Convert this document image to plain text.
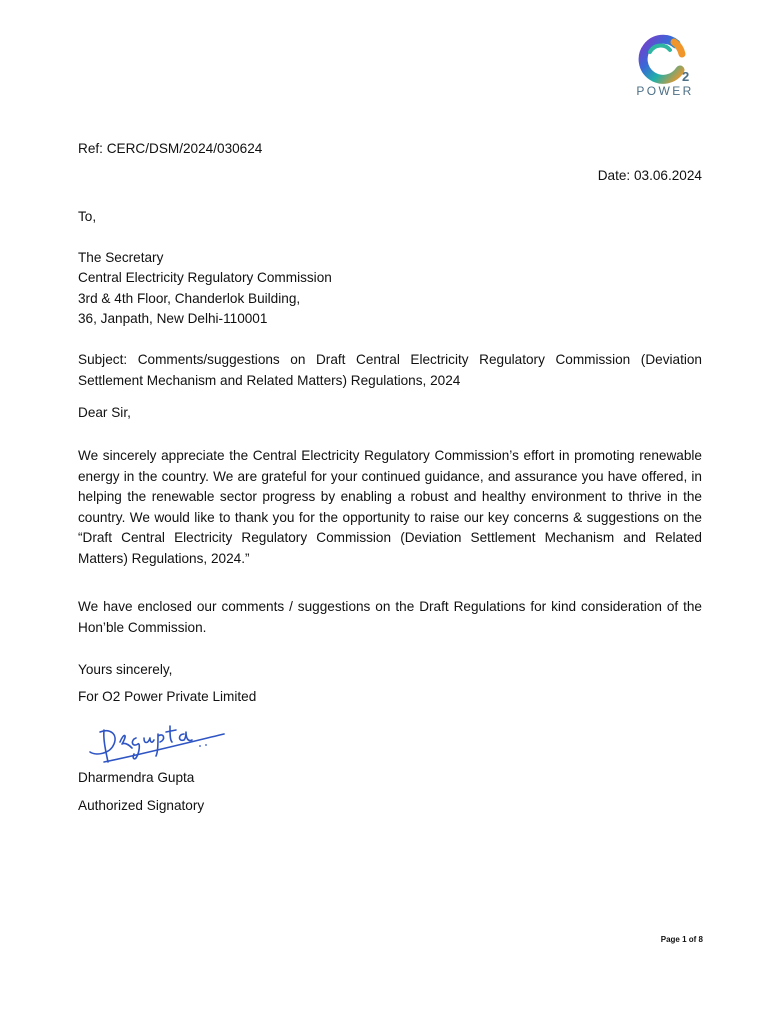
2
POWER
Ref: CERC/DSM/2024/030624
Date: 03.06.2024
To,
The Secretary
Central Electricity Regulatory Commission
3rd & 4th Floor, Chanderlok Building,
36, Janpath, New Delhi-110001
Subject: Comments/suggestions on Draft Central Electricity Regulatory Commission (Deviation Settlement Mechanism and Related Matters) Regulations, 2024
Dear Sir,
We sincerely appreciate the Central Electricity Regulatory Commission’s effort in promoting renewable energy in the country. We are grateful for your continued guidance, and assurance you have offered, in helping the renewable sector progress by enabling a robust and healthy environment to thrive in the country. We would like to thank you for the opportunity to raise our key concerns & suggestions on the “Draft Central Electricity Regulatory Commission (Deviation Settlement Mechanism and Related Matters) Regulations, 2024.”
We have enclosed our comments / suggestions on the Draft Regulations for kind consideration of the Hon’ble Commission.
Yours sincerely,
For O2 Power Private Limited
Dharmendra Gupta
Authorized Signatory
Page 1 of 8
